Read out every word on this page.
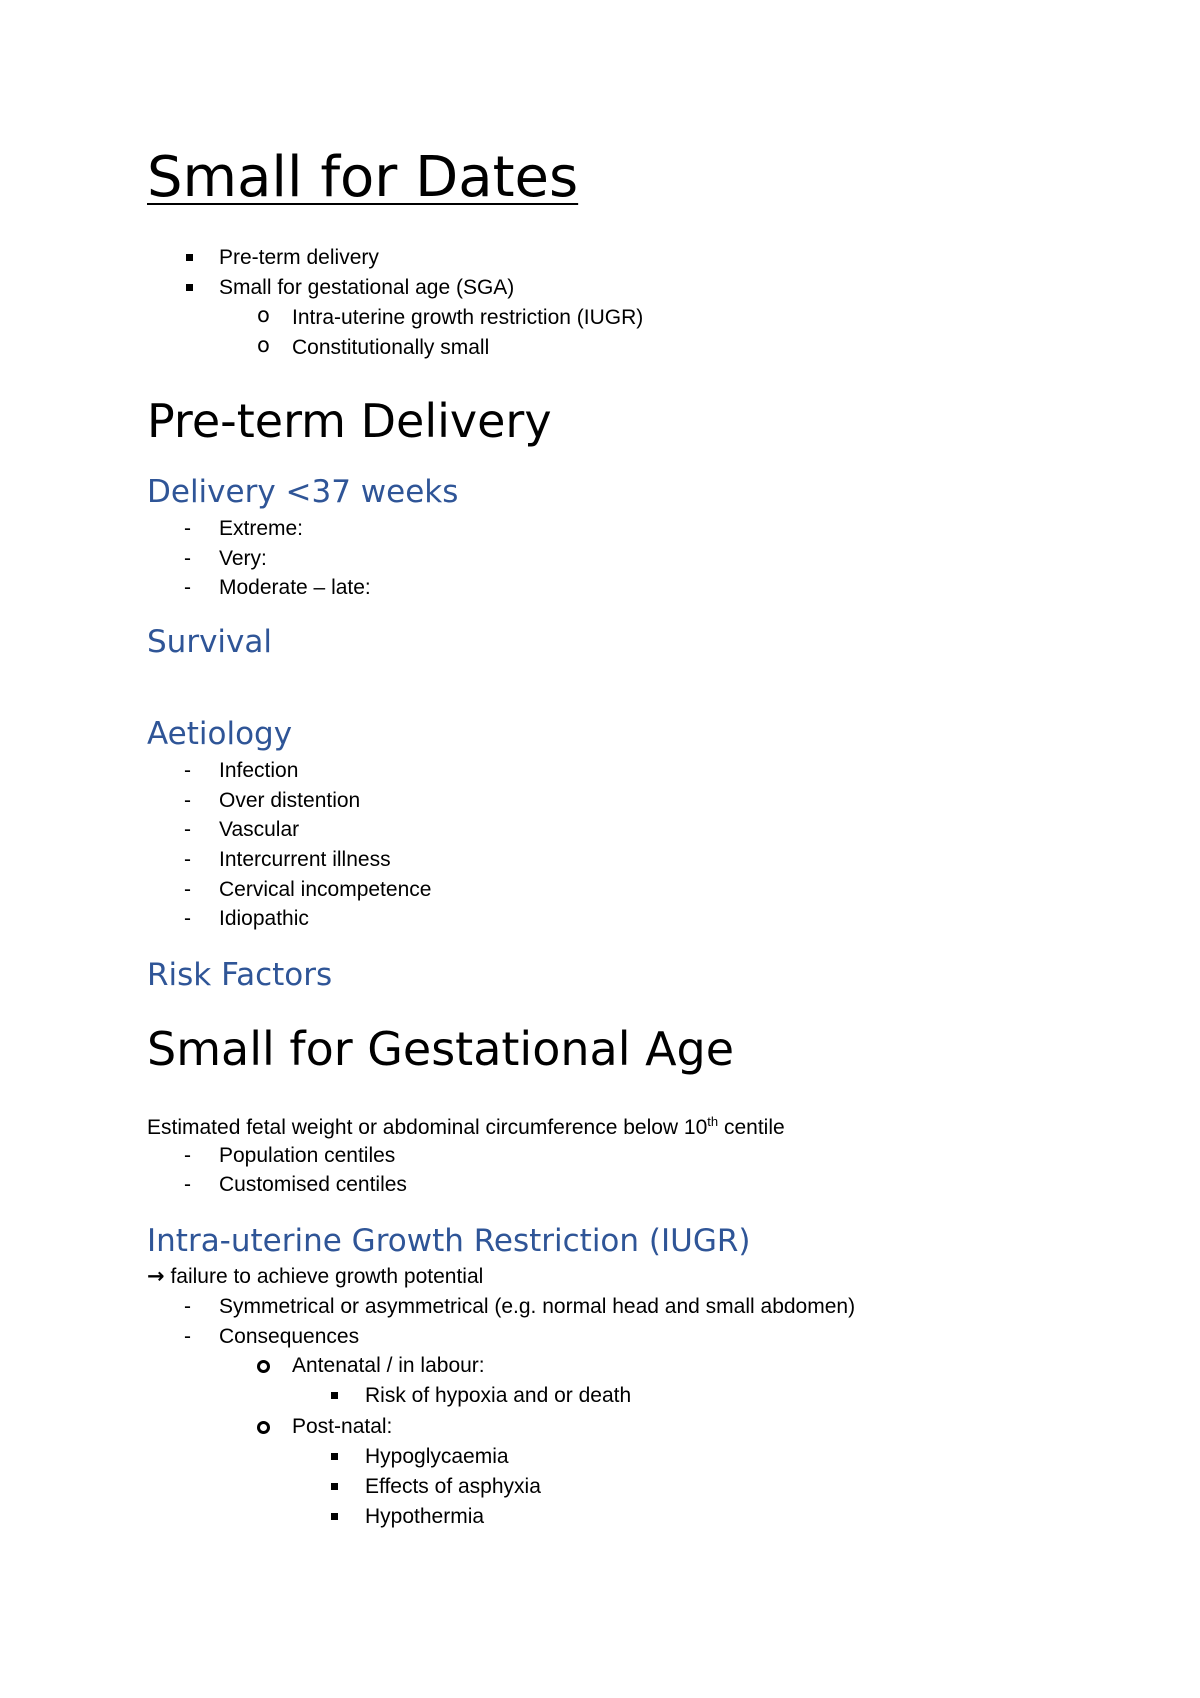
Small for Dates
Pre-term delivery
Small for gestational age (SGA)
o Intra-uterine growth restriction (IUGR)
o Constitutionally small
Pre-term Delivery
Delivery <37 weeks
- Extreme:
- Very:
- Moderate – late:
Survival
Aetiology
- Infection
- Over distention
- Vascular
- Intercurrent illness
- Cervical incompetence
- Idiopathic
Risk Factors
Small for Gestational Age
Estimated fetal weight or abdominal circumference below 10th centile
- Population centiles
- Customised centiles
Intra-uterine Growth Restriction (IUGR)
→ failure to achieve growth potential
- Symmetrical or asymmetrical (e.g. normal head and small abdomen)
- Consequences
Antenatal / in labour:
Risk of hypoxia and or death
Post-natal:
Hypoglycaemia
Effects of asphyxia
Hypothermia
